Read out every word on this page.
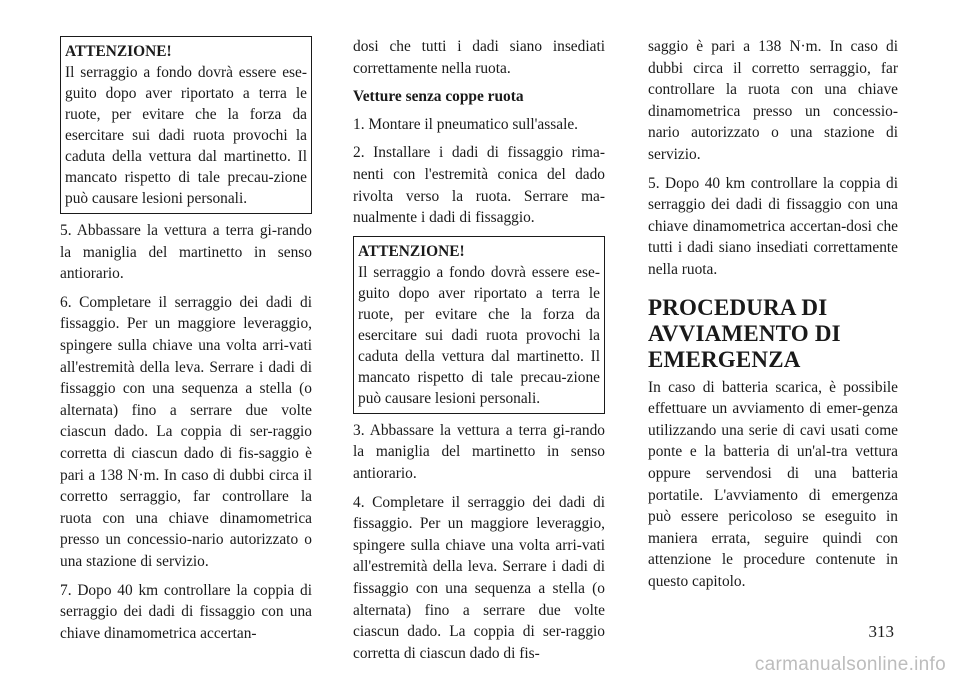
ATTENZIONE!
Il serraggio a fondo dovrà essere ese-guito dopo aver riportato a terra le ruote, per evitare che la forza da esercitare sui dadi ruota provochi la caduta della vettura dal martinetto. Il mancato rispetto di tale precau-zione può causare lesioni personali.

5. Abbassare la vettura a terra gi-rando la maniglia del martinetto in senso antiorario.

6. Completare il serraggio dei dadi di fissaggio. Per un maggiore leveraggio, spingere sulla chiave una volta arri-vati all'estremità della leva. Serrare i dadi di fissaggio con una sequenza a stella (o alternata) fino a serrare due volte ciascun dado. La coppia di ser-raggio corretta di ciascun dado di fis-saggio è pari a 138 N·m. In caso di dubbi circa il corretto serraggio, far controllare la ruota con una chiave dinamometrica presso un concessio-nario autorizzato o una stazione di servizio.

7. Dopo 40 km controllare la coppia di serraggio dei dadi di fissaggio con una chiave dinamometrica accertan-

dosi che tutti i dadi siano insediati correttamente nella ruota.

Vetture senza coppe ruota

1. Montare il pneumatico sull'assale.

2. Installare i dadi di fissaggio rima-nenti con l'estremità conica del dado rivolta verso la ruota. Serrare ma-nualmente i dadi di fissaggio.

ATTENZIONE!
Il serraggio a fondo dovrà essere ese-guito dopo aver riportato a terra le ruote, per evitare che la forza da esercitare sui dadi ruota provochi la caduta della vettura dal martinetto. Il mancato rispetto di tale precau-zione può causare lesioni personali.

3. Abbassare la vettura a terra gi-rando la maniglia del martinetto in senso antiorario.

4. Completare il serraggio dei dadi di fissaggio. Per un maggiore leveraggio, spingere sulla chiave una volta arri-vati all'estremità della leva. Serrare i dadi di fissaggio con una sequenza a stella (o alternata) fino a serrare due volte ciascun dado. La coppia di ser-raggio corretta di ciascun dado di fis-

saggio è pari a 138 N·m. In caso di dubbi circa il corretto serraggio, far controllare la ruota con una chiave dinamometrica presso un concessio-nario autorizzato o una stazione di servizio.

5. Dopo 40 km controllare la coppia di serraggio dei dadi di fissaggio con una chiave dinamometrica accertan-dosi che tutti i dadi siano insediati correttamente nella ruota.

PROCEDURA DI
AVVIAMENTO DI
EMERGENZA

In caso di batteria scarica, è possibile effettuare un avviamento di emer-genza utilizzando una serie di cavi usati come ponte e la batteria di un'al-tra vettura oppure servendosi di una batteria portatile. L'avviamento di emergenza può essere pericoloso se eseguito in maniera errata, seguire quindi con attenzione le procedure contenute in questo capitolo.

313
carmanualsonline.info
